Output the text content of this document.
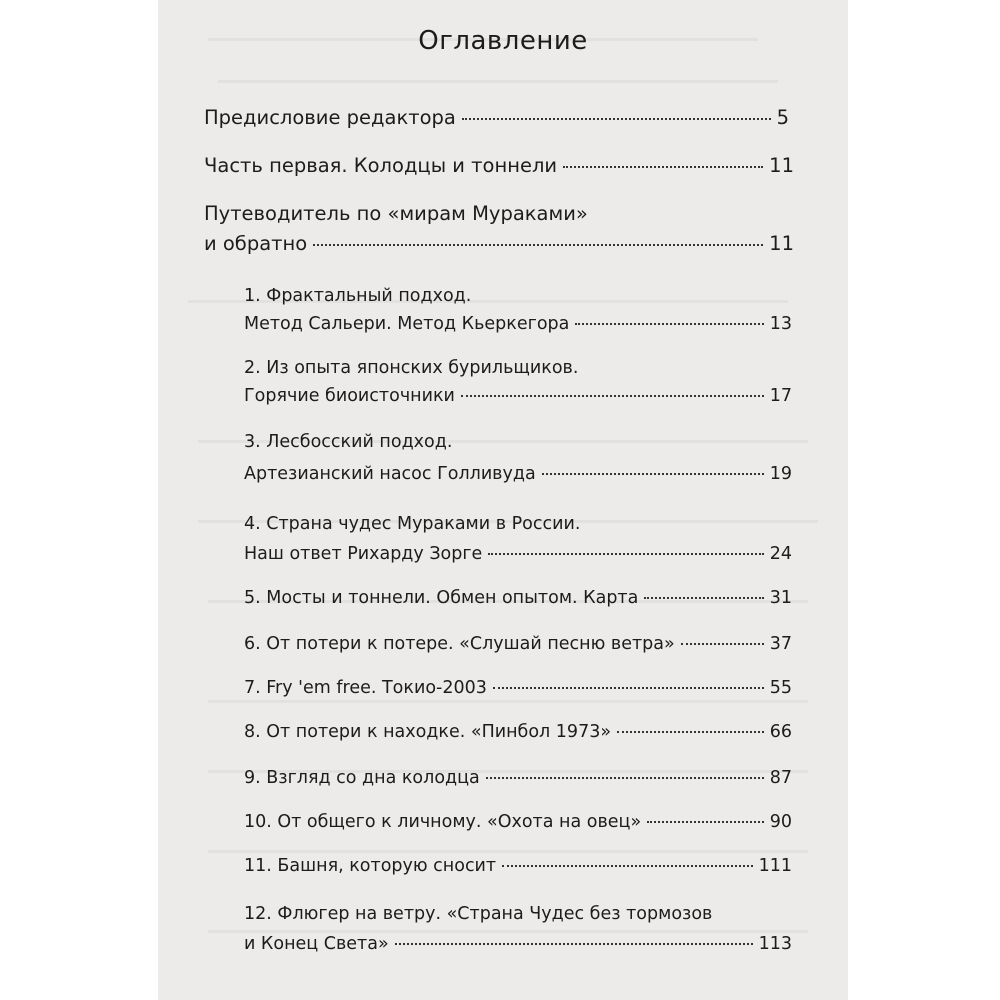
Оглавление
Предисловие редактора	5
Часть первая. Колодцы и тоннели	11
Путеводитель по «мирам Мураками»
и обратно	11
1. Фрактальный подход.
Метод Сальери. Метод Кьеркегора	13
2. Из опыта японских бурильщиков.
Горячие биоисточники	17
3. Лесбосский подход.
Артезианский насос Голливуда	19
4. Страна чудес Мураками в России.
Наш ответ Рихарду Зорге	24
5. Мосты и тоннели. Обмен опытом. Карта	31
6. От потери к потере. «Слушай песню ветра»	37
7. Fry 'em free. Токио-2003	55
8. От потери к находке. «Пинбол 1973»	66
9. Взгляд со дна колодца	87
10. От общего к личному. «Охота на овец»	90
11. Башня, которую сносит	111
12. Флюгер на ветру. «Страна Чудес без тормозов
и Конец Света»	113
